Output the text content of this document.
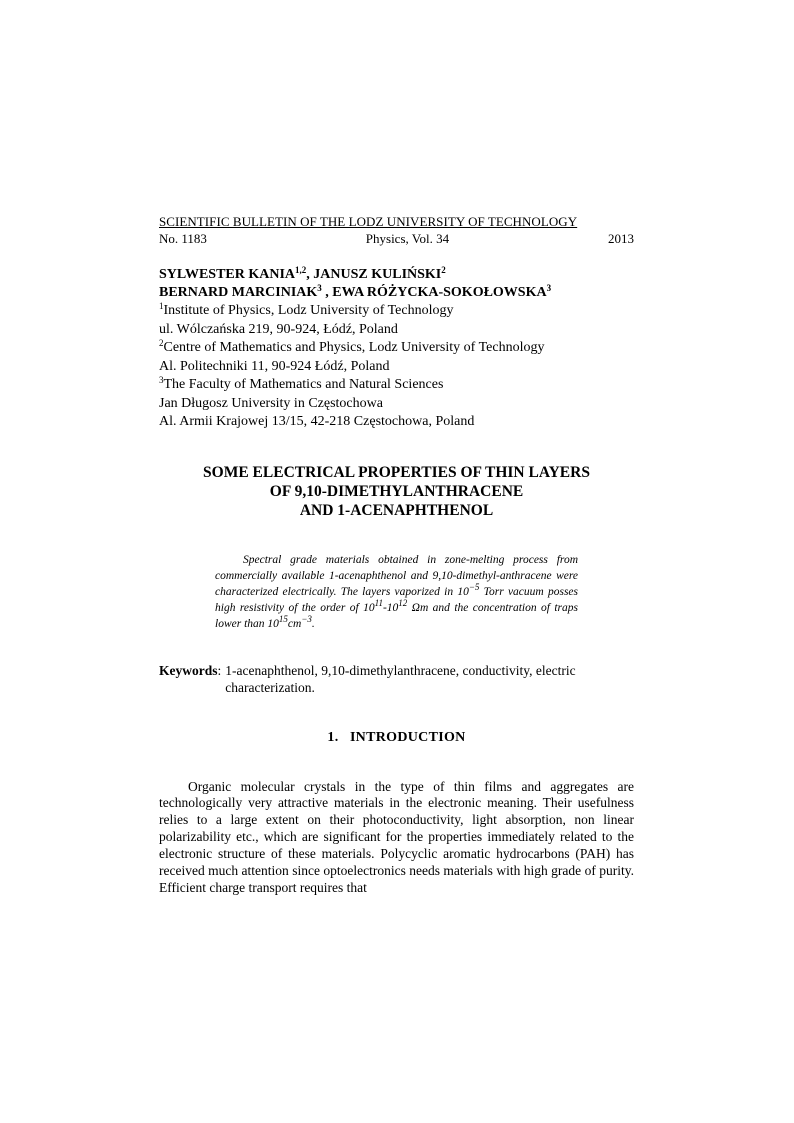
SCIENTIFIC BULLETIN OF THE LODZ UNIVERSITY OF TECHNOLOGY
No. 1183	Physics, Vol. 34	2013
SYLWESTER KANIA$^{1,2}$, JANUSZ KULIŃSKI$^2$
BERNARD MARCINIAK$^3$ , EWA RÓŻYCKA-SOKOŁOWSKA$^3$
$^1$Institute of Physics, Lodz University of Technology
ul. Wólczańska 219, 90-924, Łódź, Poland
$^2$Centre of Mathematics and Physics, Lodz University of Technology
Al. Politechniki 11, 90-924 Łódź, Poland
$^3$The Faculty of Mathematics and Natural Sciences
Jan Długosz University in Częstochowa
Al. Armii Krajowej 13/15, 42-218 Częstochowa, Poland
SOME ELECTRICAL PROPERTIES OF THIN LAYERS
OF 9,10-DIMETHYLANTHRACENE
AND 1-ACENAPHTHENOL

Spectral grade materials obtained in zone-melting process from commercially available 1-acenaphthenol and 9,10-dimethyl-anthracene were characterized electrically. The layers vaporized in $10^{-5}$ Torr vacuum posses high resistivity of the order of $10^{11}-10^{12}$ Ωm and the concentration of traps lower than $10^{15}cm^{-3}$.

Keywords : 1-acenaphthenol, 9,10-dimethylanthracene, conductivity, electric
characterization.
1. INTRODUCTION

Organic molecular crystals in the type of thin films and aggregates are technologically very attractive materials in the electronic meaning. Their usefulness relies to a large extent on their photoconductivity, light absorption, non linear polarizability etc., which are significant for the properties immediately related to the electronic structure of these materials. Polycyclic aromatic hydrocarbons (PAH) has received much attention since optoelectronics needs materials with high grade of purity. Efficient charge transport requires that
